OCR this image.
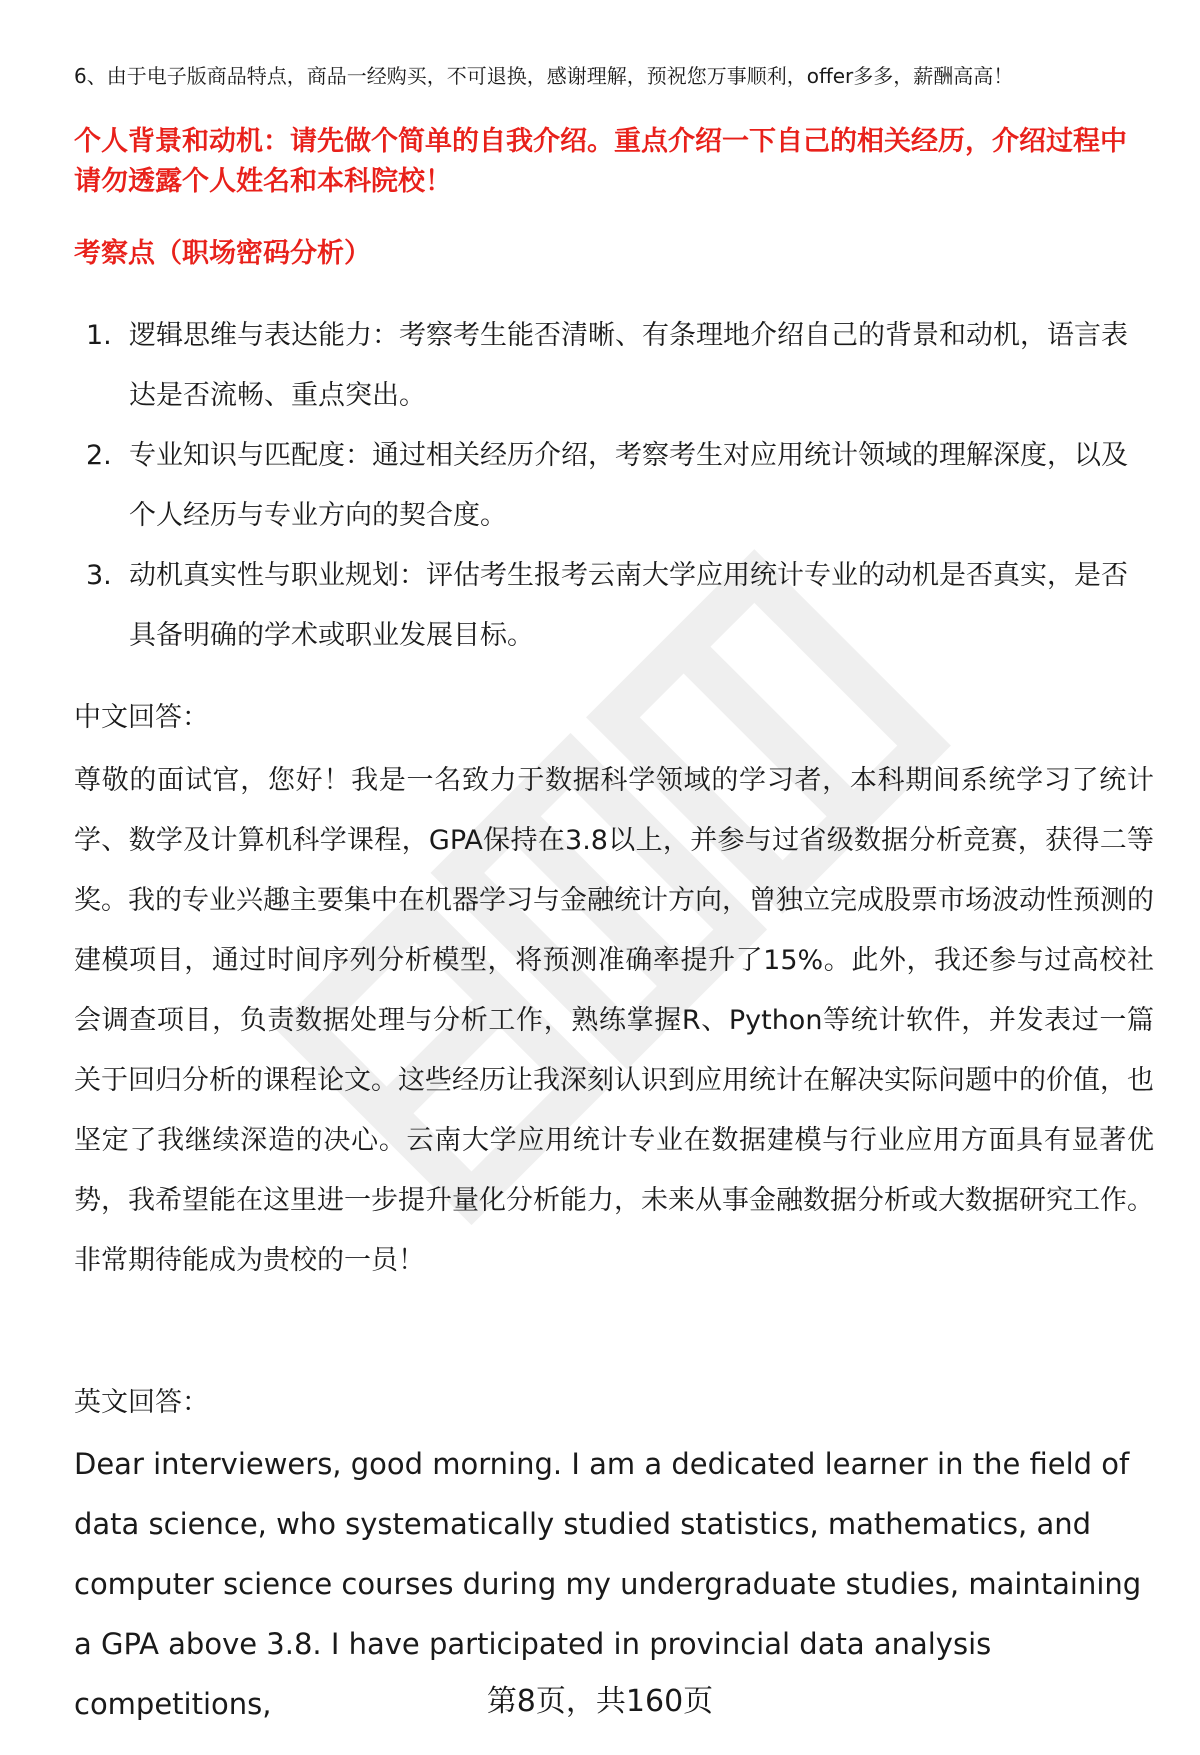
6、由于电子版商品特点，商品一经购买，不可退换，感谢理解，预祝您万事顺利，offer多多，薪酬高高！
个人背景和动机：请先做个简单的自我介绍。重点介绍一下自己的相关经历，介绍过程中请勿透露个人姓名和本科院校！
考察点（职场密码分析）
1. 逻辑思维与表达能力：考察考生能否清晰、有条理地介绍自己的背景和动机，语言表达是否流畅、重点突出。
2. 专业知识与匹配度：通过相关经历介绍，考察考生对应用统计领域的理解深度，以及个人经历与专业方向的契合度。
3. 动机真实性与职业规划：评估考生报考云南大学应用统计专业的动机是否真实，是否具备明确的学术或职业发展目标。
中文回答：
尊敬的面试官，您好！我是一名致力于数据科学领域的学习者，本科期间系统学习了统计学、数学及计算机科学课程，GPA保持在3.8以上，并参与过省级数据分析竞赛，获得二等奖。我的专业兴趣主要集中在机器学习与金融统计方向，曾独立完成股票市场波动性预测的建模项目，通过时间序列分析模型，将预测准确率提升了15%。此外，我还参与过高校社会调查项目，负责数据处理与分析工作，熟练掌握R、Python等统计软件，并发表过一篇关于回归分析的课程论文。这些经历让我深刻认识到应用统计在解决实际问题中的价值，也坚定了我继续深造的决心。云南大学应用统计专业在数据建模与行业应用方面具有显著优势，我希望能在这里进一步提升量化分析能力，未来从事金融数据分析或大数据研究工作。非常期待能成为贵校的一员！
英文回答：
Dear interviewers, good morning. I am a dedicated learner in the field of data science, who systematically studied statistics, mathematics, and computer science courses during my undergraduate studies, maintaining a GPA above 3.8. I have participated in provincial data analysis competitions,	第8页，共160页
